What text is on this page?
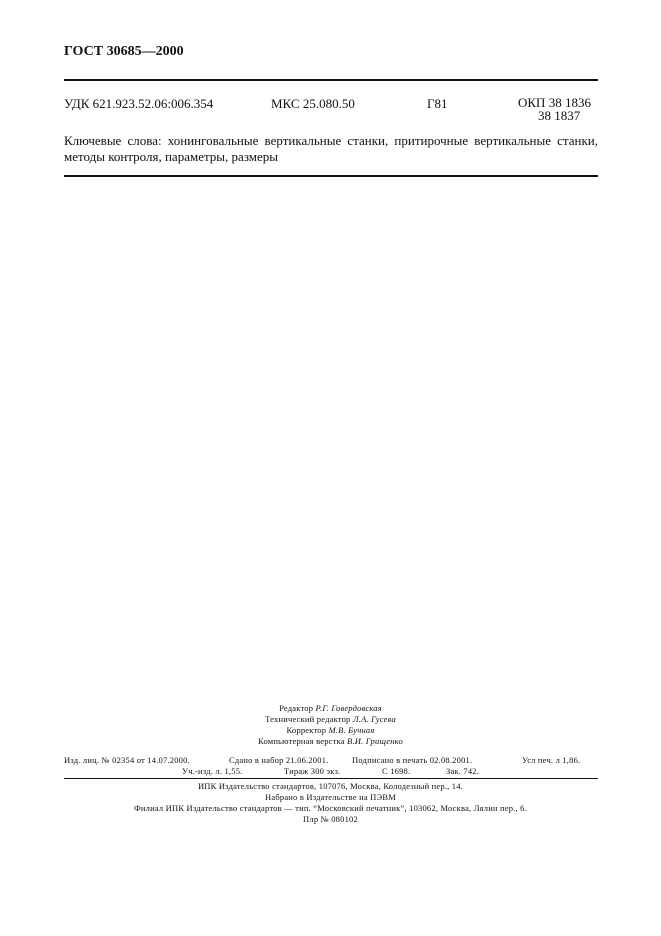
ГОСТ 30685—2000
УДК 621.923.52.06:006.354	МКС 25.080.50	Г81	ОКП 38 1836
38 1837
Ключевые слова: хонинговальные вертикальные станки, притирочные вертикальные станки, методы контроля, параметры, размеры
Редактор Р.Г. Говердовская
Технический редактор Л.А. Гусева
Корректор М.В. Бучная
Компьютерная верстка В.И. Грищенко
Изд. лиц. № 02354 от 14.07.2000.	Сдано в набор 21.06.2001.	Подписано в печать 02.08.2001.	Усл печ. л 1,86.
Уч.-изд. л. 1,55.	Тираж 300 экз.	С 1698.	Зак. 742.
ИПК Издательство стандартов, 107076, Москва, Колодезный пер., 14.
Набрано в Издательстве на ПЭВМ
Филиал ИПК Издательство стандартов — тип. “Московский печатник”, 103062, Москва, Лялин пер., 6.
Плр № 080102
